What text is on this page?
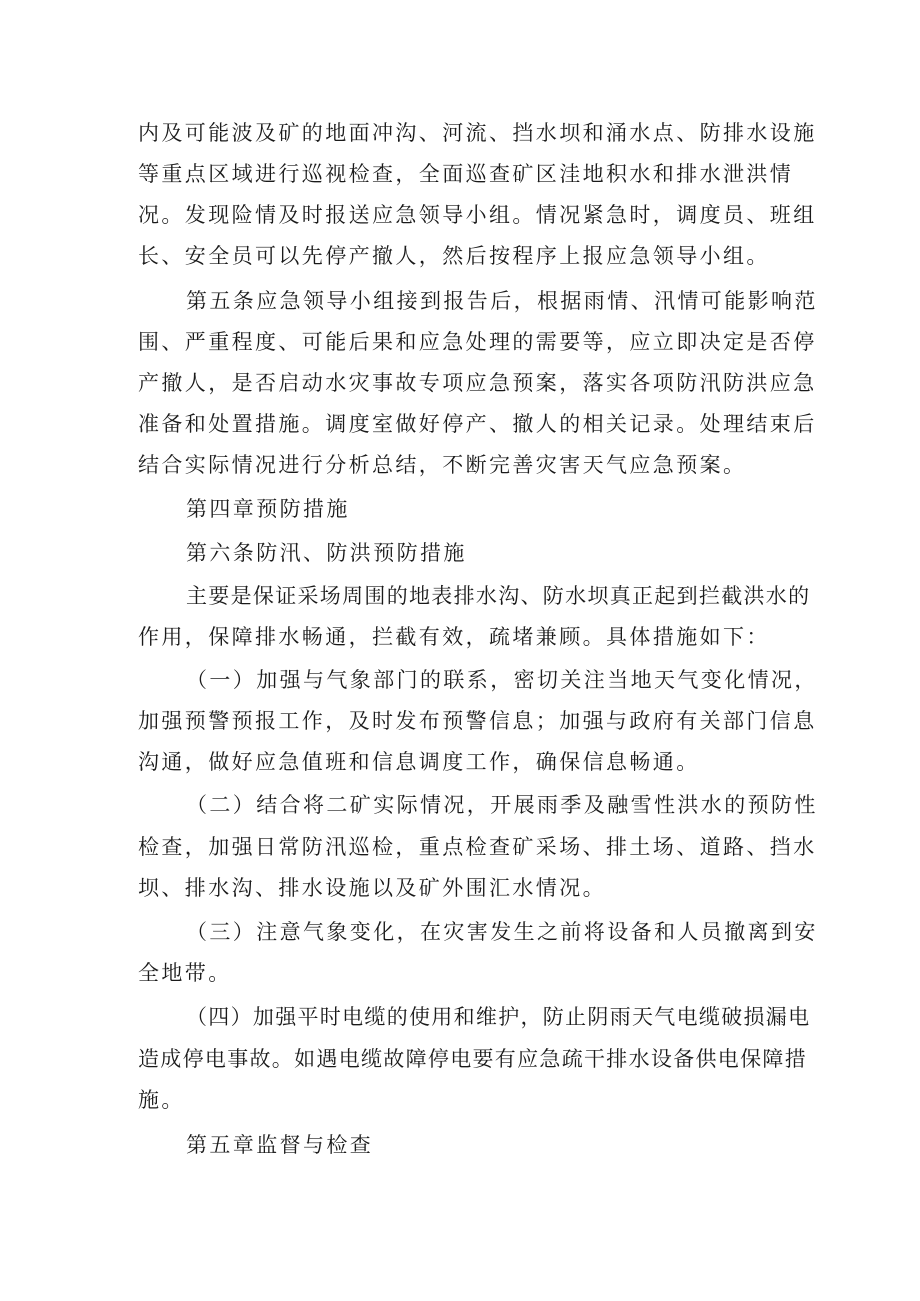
内及可能波及矿的地面冲沟、河流、挡水坝和涌水点、防排水设施
等重点区域进行巡视检查，全面巡查矿区洼地积水和排水泄洪情
况。发现险情及时报送应急领导小组。情况紧急时，调度员、班组
长、安全员可以先停产撤人，然后按程序上报应急领导小组。
第五条应急领导小组接到报告后，根据雨情、汛情可能影响范
围、严重程度、可能后果和应急处理的需要等，应立即决定是否停
产撤人，是否启动水灾事故专项应急预案，落实各项防汛防洪应急
准备和处置措施。调度室做好停产、撤人的相关记录。处理结束后
结合实际情况进行分析总结，不断完善灾害天气应急预案。
第四章预防措施
第六条防汛、防洪预防措施
主要是保证采场周围的地表排水沟、防水坝真正起到拦截洪水的
作用，保障排水畅通，拦截有效，疏堵兼顾。具体措施如下：
（一）加强与气象部门的联系，密切关注当地天气变化情况，
加强预警预报工作，及时发布预警信息；加强与政府有关部门信息
沟通，做好应急值班和信息调度工作，确保信息畅通。
（二）结合将二矿实际情况，开展雨季及融雪性洪水的预防性
检查，加强日常防汛巡检，重点检查矿采场、排土场、道路、挡水
坝、排水沟、排水设施以及矿外围汇水情况。
（三）注意气象变化，在灾害发生之前将设备和人员撤离到安
全地带。
（四）加强平时电缆的使用和维护，防止阴雨天气电缆破损漏电
造成停电事故。如遇电缆故障停电要有应急疏干排水设备供电保障措
施。
第五章监督与检查
